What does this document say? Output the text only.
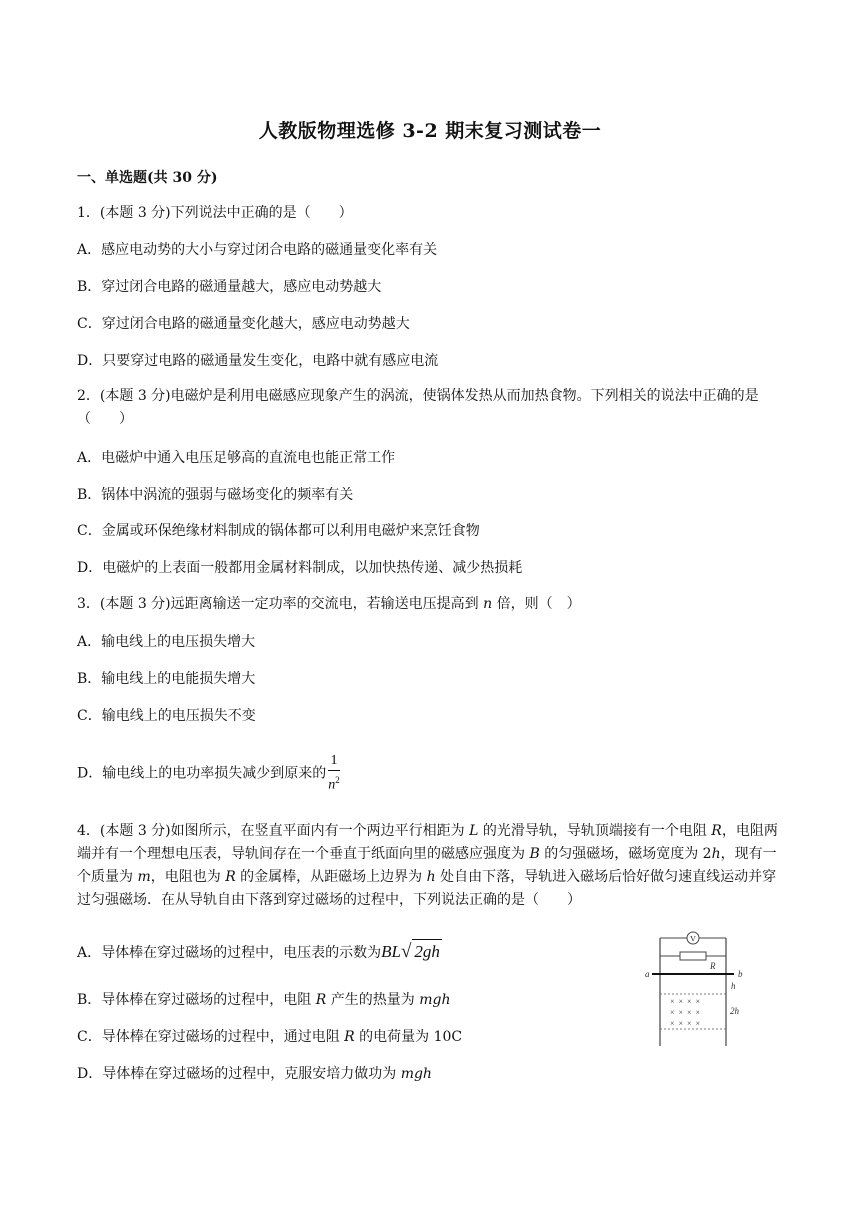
人教版物理选修 3-2 期末复习测试卷一
一、单选题(共 30 分)
1．(本题 3 分)下列说法中正确的是（　　）
A．感应电动势的大小与穿过闭合电路的磁通量变化率有关
B．穿过闭合电路的磁通量越大，感应电动势越大
C．穿过闭合电路的磁通量变化越大，感应电动势越大
D．只要穿过电路的磁通量发生变化，电路中就有感应电流
2．(本题 3 分)电磁炉是利用电磁感应现象产生的涡流，使锅体发热从而加热食物。下列相关的说法中正确的是（　　）
A．电磁炉中通入电压足够高的直流电也能正常工作
B．锅体中涡流的强弱与磁场变化的频率有关
C．金属或环保绝缘材料制成的锅体都可以利用电磁炉来烹饪食物
D．电磁炉的上表面一般都用金属材料制成，以加快热传递、减少热损耗
3．(本题 3 分)远距离输送一定功率的交流电，若输送电压提高到 n 倍，则（　）
A．输电线上的电压损失增大
B．输电线上的电能损失增大
C．输电线上的电压损失不变
D．输电线上的电功率损失减少到原来的 $\frac{1}{n^2}$
4．(本题 3 分)如图所示，在竖直平面内有一个两边平行相距为 L 的光滑导轨，导轨顶端接有一个电阻 R，电阻两端并有一个理想电压表，导轨间存在一个垂直于纸面向里的磁感应强度为 B 的匀强磁场，磁场宽度为 2h，现有一个质量为 m，电阻也为 R 的金属棒，从距磁场上边界为 h 处自由下落，导轨进入磁场后恰好做匀速直线运动并穿过匀强磁场．在从导轨自由下落到穿过磁场的过程中，下列说法正确的是（　　）
A．导体棒在穿过磁场的过程中，电压表的示数为BL√ 2gh
B．导体棒在穿过磁场的过程中，电阻 R 产生的热量为 mgh
C．导体棒在穿过磁场的过程中，通过电阻 R 的电荷量为 10C
D．导体棒在穿过磁场的过程中，克服安培力做功为 mgh
V
R
a	b
h
× × × ×
× × × ×
× × × ×
2h
